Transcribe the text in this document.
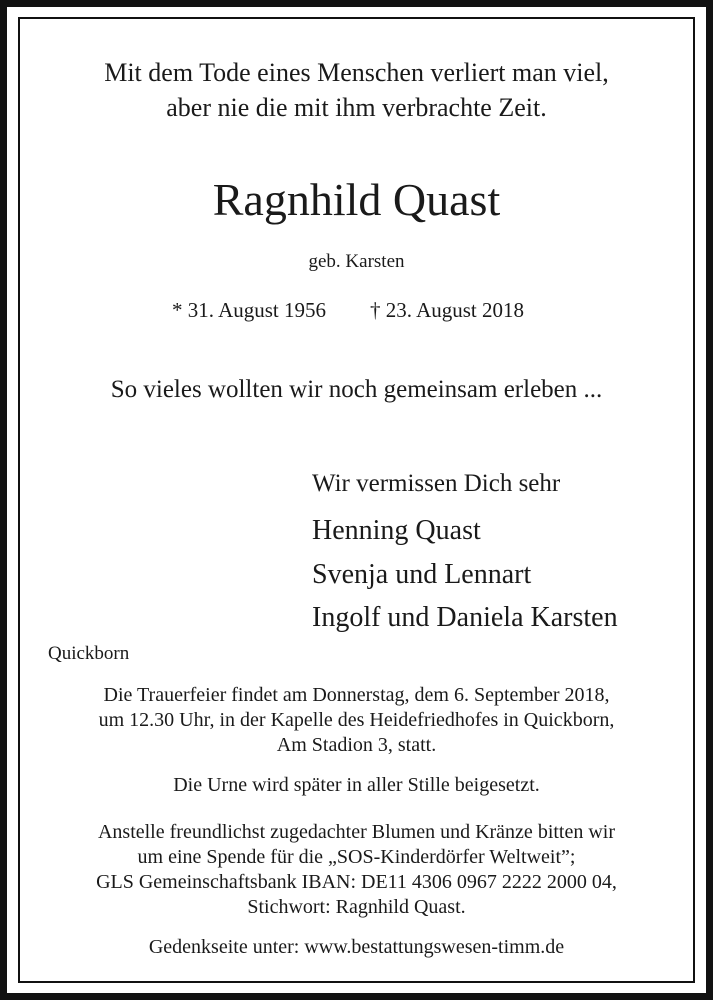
Mit dem Tode eines Menschen verliert man viel,
aber nie die mit ihm verbrachte Zeit.
Ragnhild Quast
geb. Karsten
* 31. August 1956 † 23. August 2018
So vieles wollten wir noch gemeinsam erleben ...
Wir vermissen Dich sehr
Henning Quast
Svenja und Lennart
Ingolf und Daniela Karsten
Quickborn
Die Trauerfeier findet am Donnerstag, dem 6. September 2018,
um 12.30 Uhr, in der Kapelle des Heidefriedhofes in Quickborn,
Am Stadion 3, statt.
Die Urne wird später in aller Stille beigesetzt.
Anstelle freundlichst zugedachter Blumen und Kränze bitten wir
um eine Spende für die „SOS-Kinderdörfer Weltweit”;
GLS Gemeinschaftsbank IBAN: DE11 4306 0967 2222 2000 04,
Stichwort: Ragnhild Quast.
Gedenkseite unter: www.bestattungswesen-timm.de
